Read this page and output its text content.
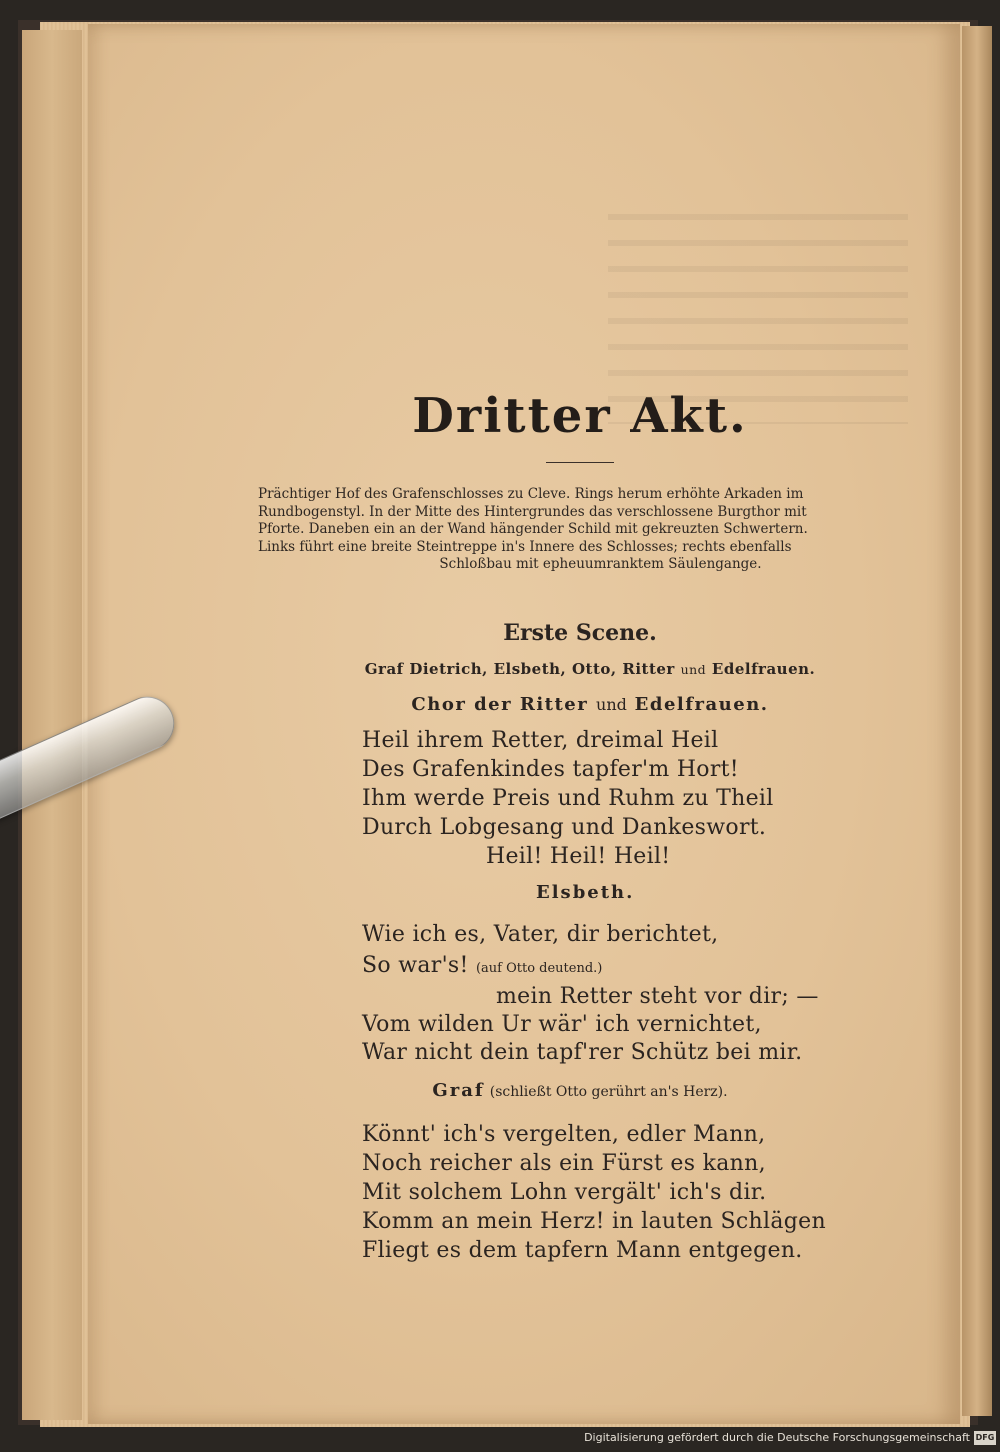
Dritter Akt.
Prächtiger Hof des Grafenschlosses zu Cleve. Rings herum erhöhte Arkaden im
Rundbogenstyl. In der Mitte des Hintergrundes das verschlossene Burgthor mit
Pforte. Daneben ein an der Wand hängender Schild mit gekreuzten Schwertern.
Links führt eine breite Steintreppe in's Innere des Schlosses; rechts ebenfalls
Schloßbau mit epheuumranktem Säulengange.
Erste Scene.
Graf Dietrich, Elsbeth, Otto, Ritter und Edelfrauen.
Chor der Ritter und Edelfrauen.
Heil ihrem Retter, dreimal Heil
Des Grafenkindes tapfer'm Hort!
Ihm werde Preis und Ruhm zu Theil
Durch Lobgesang und Dankeswort.
Heil! Heil! Heil!
Elsbeth.
Wie ich es, Vater, dir berichtet,
So war's! (auf Otto deutend.)
mein Retter steht vor dir; —
Vom wilden Ur wär' ich vernichtet,
War nicht dein tapf'rer Schütz bei mir.
Graf (schließt Otto gerührt an's Herz).
Könnt' ich's vergelten, edler Mann,
Noch reicher als ein Fürst es kann,
Mit solchem Lohn vergält' ich's dir.
Komm an mein Herz! in lauten Schlägen
Fliegt es dem tapfern Mann entgegen.
Digitalisierung gefördert durch die Deutsche Forschungsgemeinschaft DFG
